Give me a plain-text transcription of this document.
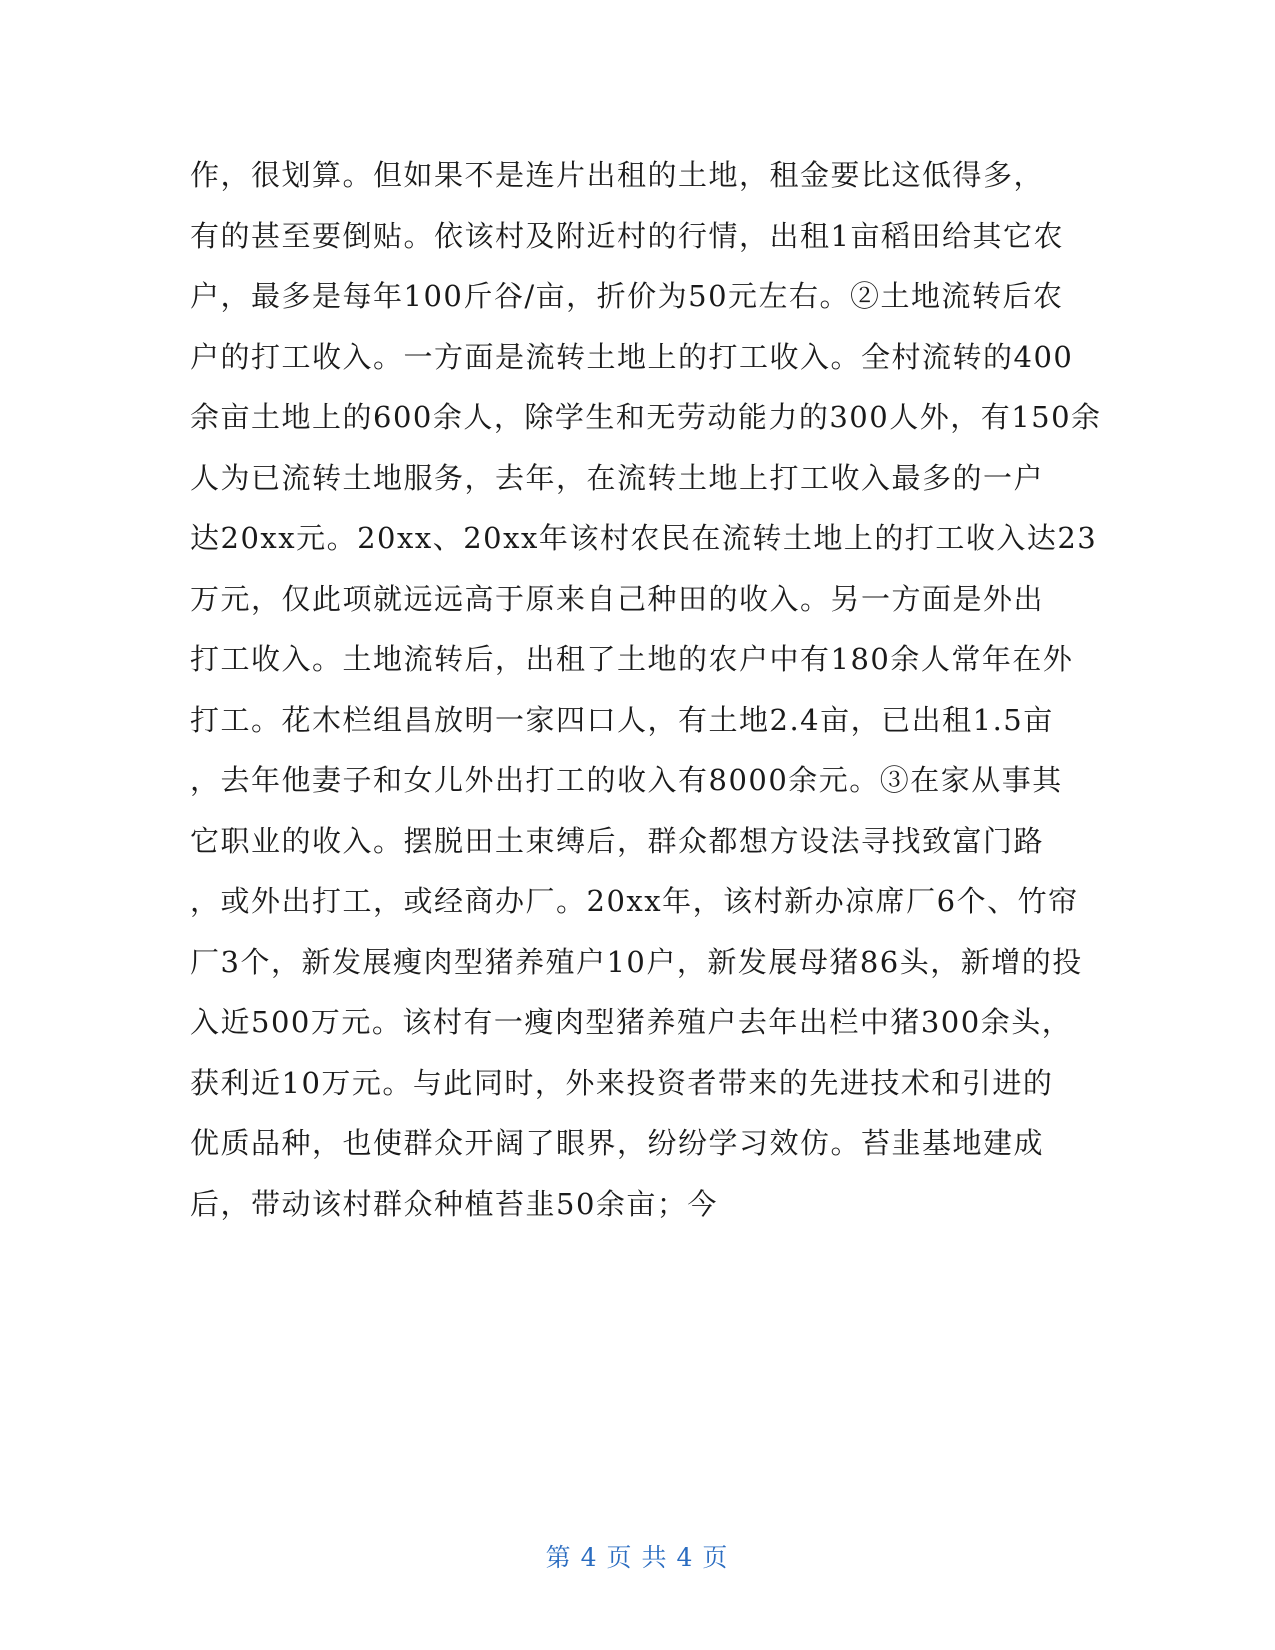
作，很划算。但如果不是连片出租的土地，租金要比这低得多，
有的甚至要倒贴。依该村及附近村的行情，出租1亩稻田给其它农
户，最多是每年100斤谷/亩，折价为50元左右。②土地流转后农
户的打工收入。一方面是流转土地上的打工收入。全村流转的400
余亩土地上的600余人，除学生和无劳动能力的300人外，有150余
人为已流转土地服务，去年，在流转土地上打工收入最多的一户
达20xx元。20xx、20xx年该村农民在流转土地上的打工收入达23
万元，仅此项就远远高于原来自己种田的收入。另一方面是外出
打工收入。土地流转后，出租了土地的农户中有180余人常年在外
打工。花木栏组昌放明一家四口人，有土地2.4亩，已出租1.5亩
，去年他妻子和女儿外出打工的收入有8000余元。③在家从事其
它职业的收入。摆脱田土束缚后，群众都想方设法寻找致富门路
，或外出打工，或经商办厂。20xx年，该村新办凉席厂6个、竹帘
厂3个，新发展瘦肉型猪养殖户10户，新发展母猪86头，新增的投
入近500万元。该村有一瘦肉型猪养殖户去年出栏中猪300余头，
获利近10万元。与此同时，外来投资者带来的先进技术和引进的
优质品种，也使群众开阔了眼界，纷纷学习效仿。苔韭基地建成
后，带动该村群众种植苔韭50余亩；今
第 4 页 共 4 页
